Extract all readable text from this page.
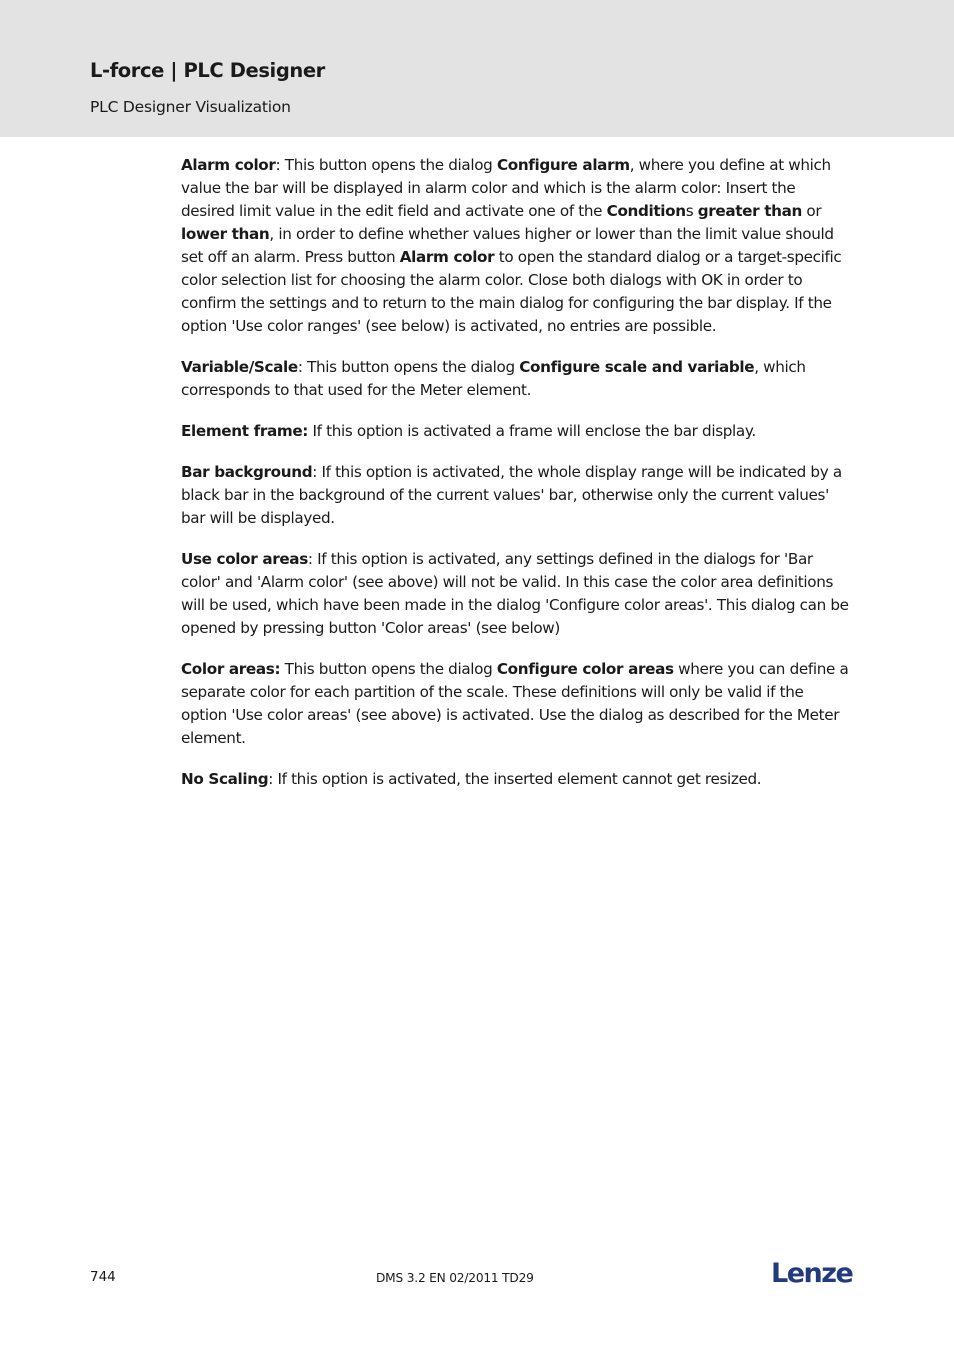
L-force | PLC Designer
PLC Designer Visualization

Alarm color: This button opens the dialog Configure alarm, where you define at which value the bar will be displayed in alarm color and which is the alarm color: Insert the desired limit value in the edit field and activate one of the Conditions greater than or lower than, in order to define whether values higher or lower than the limit value should set off an alarm. Press button Alarm color to open the standard dialog or a target-specific color selection list for choosing the alarm color. Close both dialogs with OK in order to confirm the settings and to return to the main dialog for configuring the bar display. If the option 'Use color ranges' (see below) is activated, no entries are possible.

Variable/Scale: This button opens the dialog Configure scale and variable, which corresponds to that used for the Meter element.

Element frame: If this option is activated a frame will enclose the bar display.

Bar background: If this option is activated, the whole display range will be indicated by a black bar in the background of the current values' bar, otherwise only the current values' bar will be displayed.

Use color areas: If this option is activated, any settings defined in the dialogs for 'Bar color' and 'Alarm color' (see above) will not be valid. In this case the color area definitions will be used, which have been made in the dialog 'Configure color areas'. This dialog can be opened by pressing button 'Color areas' (see below)

Color areas: This button opens the dialog Configure color areas where you can define a separate color for each partition of the scale. These definitions will only be valid if the option 'Use color areas' (see above) is activated. Use the dialog as described for the Meter element.

No Scaling: If this option is activated, the inserted element cannot get resized.

744	DMS 3.2 EN 02/2011 TD29	Lenze
